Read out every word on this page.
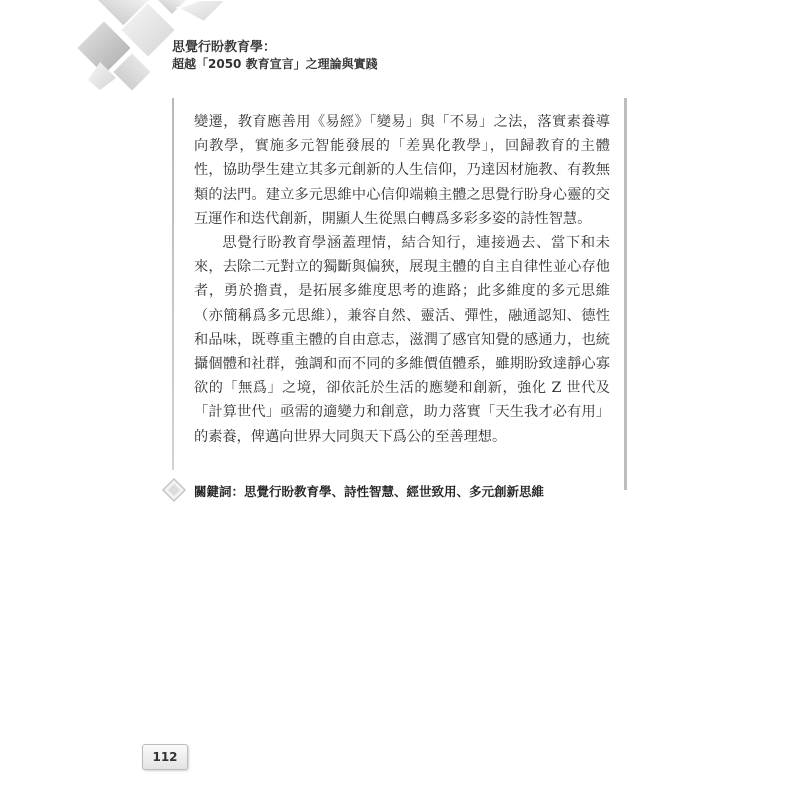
思覺行盼教育學：
超越「2050 教育宣言」之理論與實踐

變遷，教育應善用《易經》「變易」與「不易」之法，落實素養導向教學，實施多元智能發展的「差異化教學」，回歸教育的主體性，協助學生建立其多元創新的人生信仰，乃達因材施教、有教無類的法門。建立多元思維中心信仰端賴主體之思覺行盼身心靈的交互運作和迭代創新，開顯人生從黑白轉爲多彩多姿的詩性智慧。

思覺行盼教育學涵蓋理情，結合知行，連接過去、當下和未來，去除二元對立的獨斷與偏狹，展現主體的自主自律性並心存他者，勇於擔責，是拓展多維度思考的進路；此多維度的多元思維（亦簡稱爲多元思維），兼容自然、靈活、彈性，融通認知、德性和品味，既尊重主體的自由意志，滋潤了感官知覺的感通力，也統攝個體和社群，強調和而不同的多維價值體系，雖期盼致達靜心寡欲的「無爲」之境，卻依託於生活的應變和創新，強化 Z 世代及「計算世代」亟需的適變力和創意，助力落實「天生我才必有用」的素養，俾邁向世界大同與天下爲公的至善理想。

關鍵詞：思覺行盼教育學、詩性智慧、經世致用、多元創新思維
112
